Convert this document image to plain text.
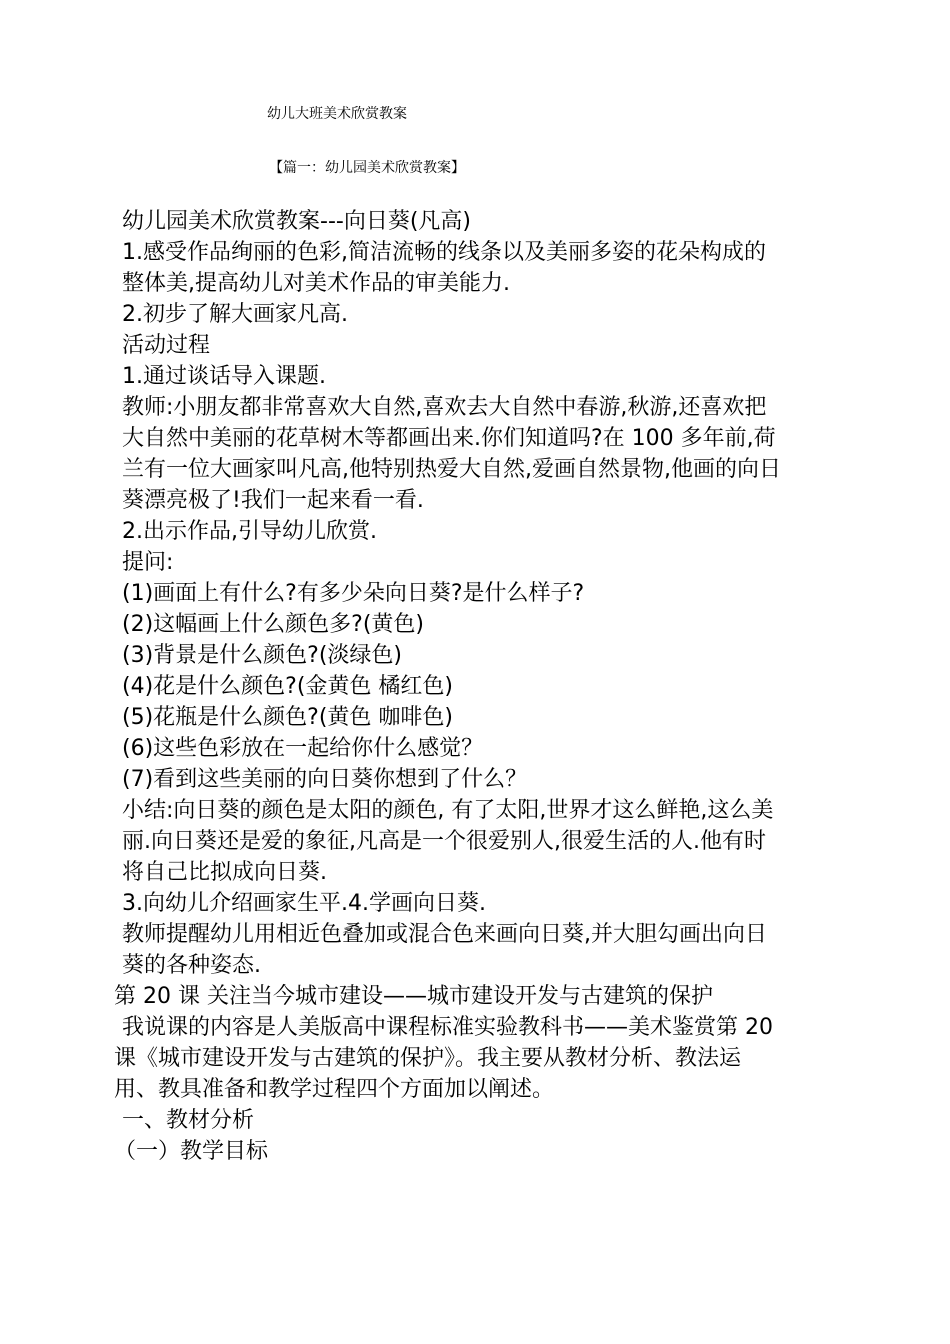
幼儿大班美术欣赏教案
【篇一：幼儿园美术欣赏教案】
幼儿园美术欣赏教案---向日葵(凡高)
1.感受作品绚丽的色彩,简洁流畅的线条以及美丽多姿的花朵构成的
整体美,提高幼儿对美术作品的审美能力.
2.初步了解大画家凡高.
活动过程
1.通过谈话导入课题.
教师:小朋友都非常喜欢大自然,喜欢去大自然中春游,秋游,还喜欢把
大自然中美丽的花草树木等都画出来.你们知道吗?在 100 多年前,荷
兰有一位大画家叫凡高,他特别热爱大自然,爱画自然景物,他画的向日
葵漂亮极了!我们一起来看一看.
2.出示作品,引导幼儿欣赏.
提问:
(1)画面上有什么?有多少朵向日葵?是什么样子?
(2)这幅画上什么颜色多?(黄色)
(3)背景是什么颜色?(淡绿色)
(4)花是什么颜色?(金黄色 橘红色)
(5)花瓶是什么颜色?(黄色 咖啡色)
(6)这些色彩放在一起给你什么感觉？
(7)看到这些美丽的向日葵你想到了什么？
小结:向日葵的颜色是太阳的颜色, 有了太阳,世界才这么鲜艳,这么美
丽.向日葵还是爱的象征,凡高是一个很爱别人,很爱生活的人.他有时
将自己比拟成向日葵.
3.向幼儿介绍画家生平.4.学画向日葵.
教师提醒幼儿用相近色叠加或混合色来画向日葵,并大胆勾画出向日
葵的各种姿态.
第 20 课 关注当今城市建设——城市建设开发与古建筑的保护
我说课的内容是人美版高中课程标准实验教科书——美术鉴赏第 20
课《城市建设开发与古建筑的保护》。我主要从教材分析、教法运
用、教具准备和教学过程四个方面加以阐述。
一、教材分析
（一）教学目标
